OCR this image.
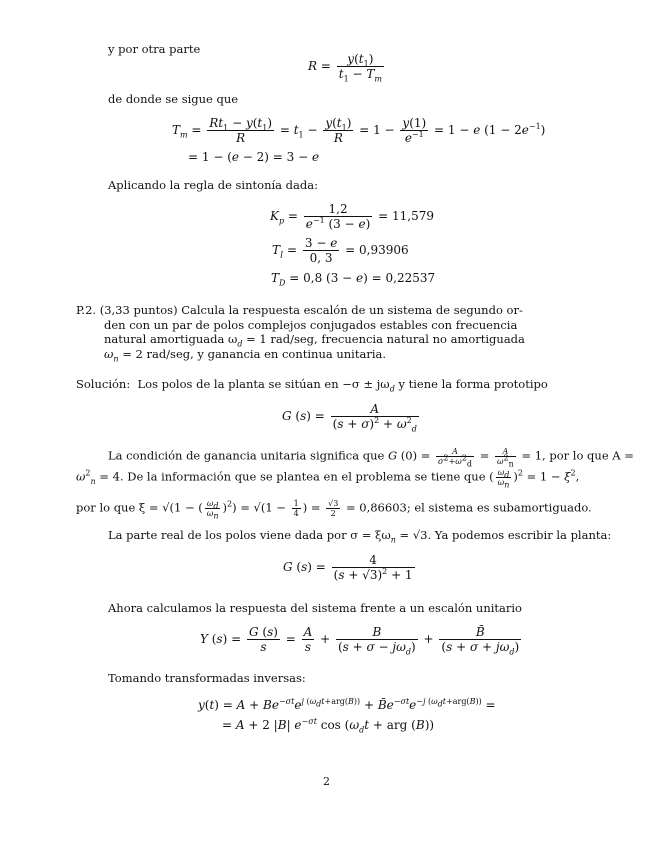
y por otra parte
$R = \frac{y(t_1)}{t_1 - T_m}$
de donde se sigue que
$T_m = \frac{Rt_1 - y(t_1)}{R} = t_1 - \frac{y(t_1)}{R} = 1 - \frac{y(1)}{e^{-1}} = 1 - e$ $(1 - 2e^{-1})$
= 1 − (e − 2) = 3 − e
Aplicando la regla de sintonía dada:
$K_p = \frac{1,2}{e^{-1} (3 - e)} = 11,579$
$T_I = \frac{3 - e}{0, 3} = 0,93906$
$T_D = 0,8$ (3 − e) = 0,22537
P.2. (3,33 puntos) Calcula la respuesta escalón de un sistema de segundo or-
den con un par de polos complejos conjugados estables con frecuencia
natural amortiguada $\omega_d = 1$ rad/seg, frecuencia natural no amortiguada
$\omega_n = 2$ rad/seg, y ganancia en continua unitaria.
Solución: Los polos de la planta se sitúan en $-\sigma \pm j\omega_d$ y tiene la forma prototipo
G $(s) = \frac{A}{(s + \sigma)^2 + \omega^2_d}$
La condición de ganancia unitaria significa que G $(0) = \frac{A}{\sigma^2+\omega^2_d} = \frac{A}{\omega^2_n} = 1$, por lo que A =
$\omega^2_n = 4$. De la información que se plantea en el problema se tiene que ( $\frac{\omega_d}{\omega_n} )^2 = 1 - \xi^2$,
por lo que ξ = √(1 − ( $\frac{\omega_d}{\omega_n} )^2) = √(1 - \frac{1}{4}$ ) = $\frac{√3}{2} = 0,86603$; el sistema es subamortiguado.
La parte real de los polos viene dada por $\sigma = \xi\omega_n = √3$. Ya podemos escribir la planta:
G $(s) = \frac{4}{(s + √3)^2 + 1}$
Ahora calculamos la respuesta del sistema frente a un escalón unitario
Y $(s) = \frac{G (s)}{s} = \frac{A}{s}$ +	B
$(s + \sigma - j\omega_d)$
+	B̄
$(s + \sigma + j\omega_d)$
Tomando transformadas inversas:
$y(t) = A + Be^{-\sigma t}e^{j (\omega_dt+arg(B))}$ + $B̄e^{-\sigma t}e^{-j (\omega_dt+arg(B))}$ =
= A + 2 |B| $e^{-\sigma t}$ $\cos (\omega_dt$ + arg (B))
2
